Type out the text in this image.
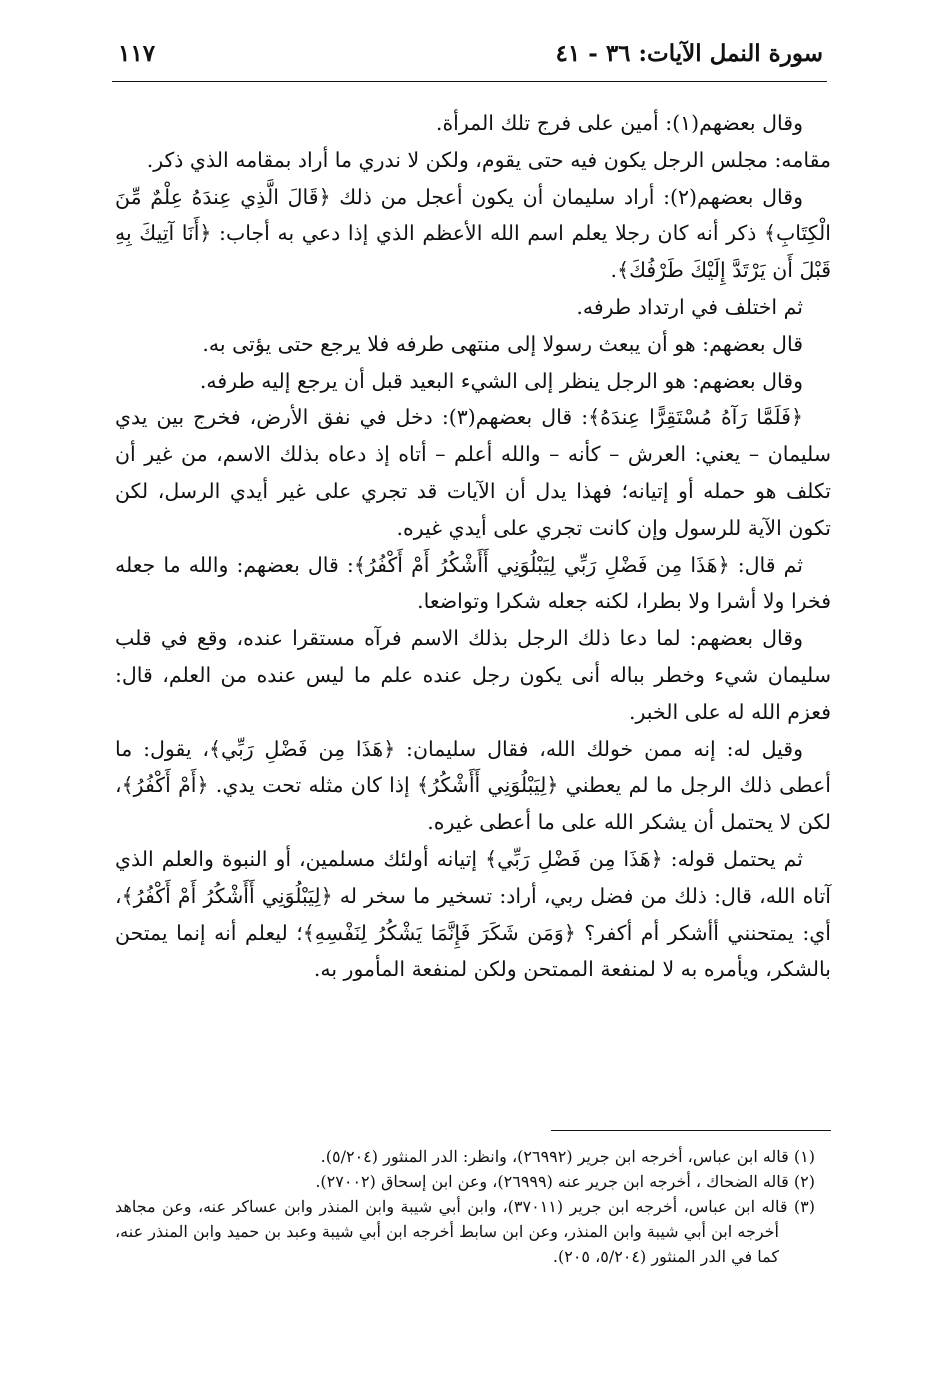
١١٧	سورة النمل الآيات: ٣٦ - ٤١

وقال بعضهم(١): أمين على فرج تلك المرأة.

مقامه: مجلس الرجل يكون فيه حتى يقوم، ولكن لا ندري ما أراد بمقامه الذي ذكر.

وقال بعضهم(٢): أراد سليمان أن يكون أعجل من ذلك ﴿قَالَ الَّذِي عِندَهُ عِلْمٌ مِّنَ الْكِتَابِ﴾ ذكر أنه كان رجلا يعلم اسم الله الأعظم الذي إذا دعي به أجاب: ﴿أَنَا آتِيكَ بِهِ قَبْلَ أَن يَرْتَدَّ إِلَيْكَ طَرْفُكَ﴾.

ثم اختلف في ارتداد طرفه.

قال بعضهم: هو أن يبعث رسولا إلى منتهى طرفه فلا يرجع حتى يؤتى به.

وقال بعضهم: هو الرجل ينظر إلى الشيء البعيد قبل أن يرجع إليه طرفه.

﴿فَلَمَّا رَآهُ مُسْتَقِرًّا عِندَهُ﴾: قال بعضهم(٣): دخل في نفق الأرض، فخرج بين يدي سليمان – يعني: العرش – كأنه – والله أعلم – أتاه إذ دعاه بذلك الاسم، من غير أن تكلف هو حمله أو إتيانه؛ فهذا يدل أن الآيات قد تجري على غير أيدي الرسل، لكن تكون الآية للرسول وإن كانت تجري على أيدي غيره.

ثم قال: ﴿هَذَا مِن فَضْلِ رَبِّي لِيَبْلُوَنِي أَأَشْكُرُ أَمْ أَكْفُرُ﴾: قال بعضهم: والله ما جعله فخرا ولا أشرا ولا بطرا، لكنه جعله شكرا وتواضعا.

وقال بعضهم: لما دعا ذلك الرجل بذلك الاسم فرآه مستقرا عنده، وقع في قلب سليمان شيء وخطر بباله أنى يكون رجل عنده علم ما ليس عنده من العلم، قال: فعزم الله له على الخبر.

وقيل له: إنه ممن خولك الله، فقال سليمان: ﴿هَذَا مِن فَضْلِ رَبِّي﴾، يقول: ما أعطى ذلك الرجل ما لم يعطني ﴿لِيَبْلُوَنِي أَأَشْكُرُ﴾ إذا كان مثله تحت يدي. ﴿أَمْ أَكْفُرُ﴾، لكن لا يحتمل أن يشكر الله على ما أعطى غيره.

ثم يحتمل قوله: ﴿هَذَا مِن فَضْلِ رَبِّي﴾ إتيانه أولئك مسلمين، أو النبوة والعلم الذي آتاه الله، قال: ذلك من فضل ربي، أراد: تسخير ما سخر له ﴿لِيَبْلُوَنِي أَأَشْكُرُ أَمْ أَكْفُرُ﴾، أي: يمتحنني أأشكر أم أكفر؟ ﴿وَمَن شَكَرَ فَإِنَّمَا يَشْكُرُ لِنَفْسِهِ﴾؛ ليعلم أنه إنما يمتحن بالشكر، ويأمره به لا لمنفعة الممتحن ولكن لمنفعة المأمور به.

(١) قاله ابن عباس، أخرجه ابن جرير (٢٦٩٩٢)، وانظر: الدر المنثور (٥/٢٠٤).

(٢) قاله الضحاك ، أخرجه ابن جرير عنه (٢٦٩٩٩)، وعن ابن إسحاق (٢٧٠٠٢).

(٣) قاله ابن عباس، أخرجه ابن جرير (٣٧٠١١)، وابن أبي شيبة وابن المنذر وابن عساكر عنه، وعن مجاهد أخرجه ابن أبي شيبة وابن المنذر، وعن ابن سابط أخرجه ابن أبي شيبة وعبد بن حميد وابن المنذر عنه، كما في الدر المنثور (٥/٢٠٤، ٢٠٥).
